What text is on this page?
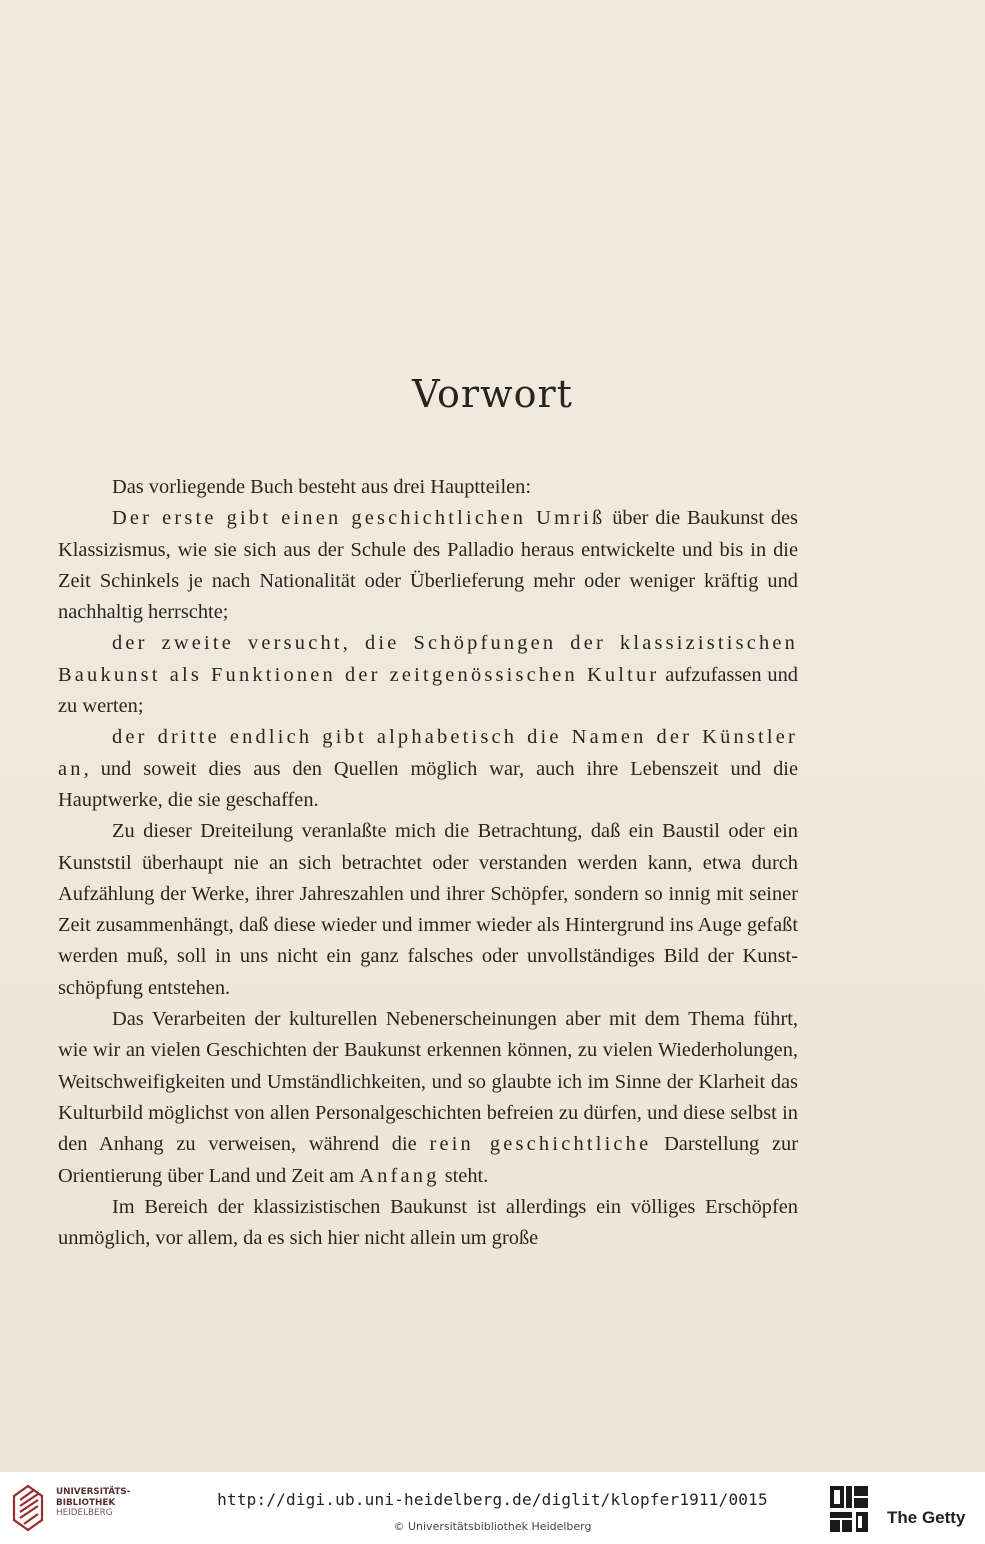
Vorwort

Das vorliegende Buch besteht aus drei Hauptteilen:

Der erste gibt einen geschichtlichen Umriß über die Baukunst des Klassizismus, wie sie sich aus der Schule des Palladio heraus entwickelte und bis in die Zeit Schinkels je nach Nationalität oder Überlieferung mehr oder weniger kräftig und nachhaltig herrschte;

der zweite versucht, die Schöpfungen der klassizistischen Baukunst als Funktionen der zeitgenössischen Kultur aufzufassen und zu werten;

der dritte endlich gibt alphabetisch die Namen der Künstler an, und soweit dies aus den Quellen möglich war, auch ihre Lebenszeit und die Hauptwerke, die sie geschaffen.

Zu dieser Dreiteilung veranlaßte mich die Betrachtung, daß ein Baustil oder ein Kunststil überhaupt nie an sich betrachtet oder verstanden werden kann, etwa durch Aufzählung der Werke, ihrer Jahreszahlen und ihrer Schöpfer, sondern so innig mit seiner Zeit zusammenhängt, daß diese wieder und immer wieder als Hintergrund ins Auge gefaßt werden muß, soll in uns nicht ein ganz falsches oder unvollständiges Bild der Kunstschöpfung entstehen.

Das Verarbeiten der kulturellen Nebenerscheinungen aber mit dem Thema führt, wie wir an vielen Geschichten der Baukunst erkennen können, zu vielen Wiederholungen, Weitschweifigkeiten und Umständlichkeiten, und so glaubte ich im Sinne der Klarheit das Kulturbild möglichst von allen Personalgeschichten befreien zu dürfen, und diese selbst in den Anhang zu verweisen, während die rein geschichtliche Darstellung zur Orientierung über Land und Zeit am Anfang steht.

Im Bereich der klassizistischen Baukunst ist allerdings ein völliges Erschöpfen unmöglich, vor allem, da es sich hier nicht allein um große

UNIVERSITÄTS-
BIBLIOTHEK
HEIDELBERG
http://digi.ub.uni-heidelberg.de/diglit/klopfer1911/0015
© Universitätsbibliothek Heidelberg	The Getty
